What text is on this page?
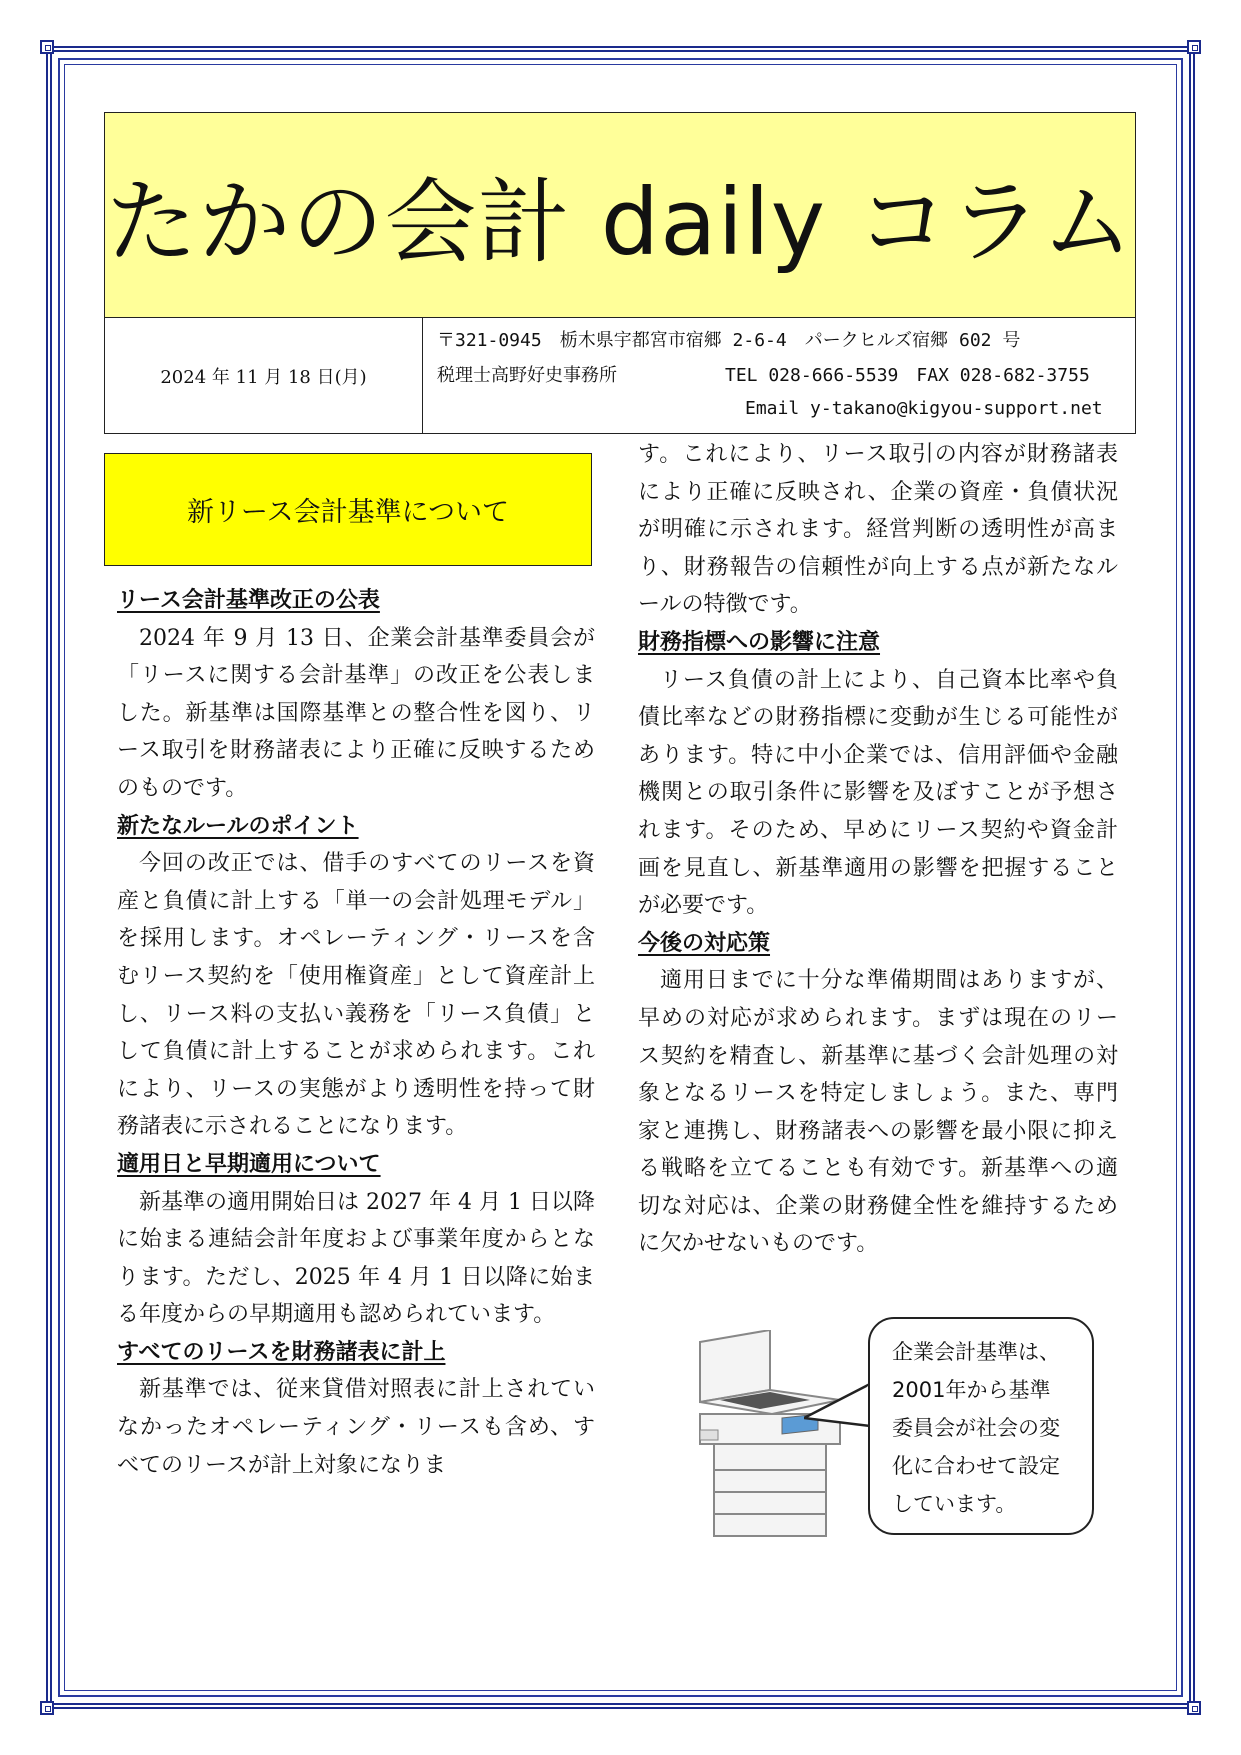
たかの会計 daily コラム
2024 年 11 月 18 日(月)
〒321-0945　栃木県宇都宮市宿郷 2-6-4　パークヒルズ宿郷 602 号
税理士高野好史事務所	TEL 028-666-5539　FAX 028-682-3755
Email y-takano@kigyou-support.net
新リース会計基準について
リース会計基準改正の公表

2024 年 9 月 13 日、企業会計基準委員会が「リースに関する会計基準」の改正を公表しました。新基準は国際基準との整合性を図り、リース取引を財務諸表により正確に反映するためのものです。

新たなルールのポイント

今回の改正では、借手のすべてのリースを資産と負債に計上する「単一の会計処理モデル」を採用します。オペレーティング・リースを含むリース契約を「使用権資産」として資産計上し、リース料の支払い義務を「リース負債」として負債に計上することが求められます。これにより、リースの実態がより透明性を持って財務諸表に示されることになります。

適用日と早期適用について

新基準の適用開始日は 2027 年 4 月 1 日以降に始まる連結会計年度および事業年度からとなります。ただし、2025 年 4 月 1 日以降に始まる年度からの早期適用も認められています。

すべてのリースを財務諸表に計上

新基準では、従来貸借対照表に計上されていなかったオペレーティング・リースも含め、すべてのリースが計上対象になりま

す。これにより、リース取引の内容が財務諸表により正確に反映され、企業の資産・負債状況が明確に示されます。経営判断の透明性が高まり、財務報告の信頼性が向上する点が新たなルールの特徴です。

財務指標への影響に注意

リース負債の計上により、自己資本比率や負債比率などの財務指標に変動が生じる可能性があります。特に中小企業では、信用評価や金融機関との取引条件に影響を及ぼすことが予想されます。そのため、早めにリース契約や資金計画を見直し、新基準適用の影響を把握することが必要です。

今後の対応策

適用日までに十分な準備期間はありますが、早めの対応が求められます。まずは現在のリース契約を精査し、新基準に基づく会計処理の対象となるリースを特定しましょう。また、専門家と連携し、財務諸表への影響を最小限に抑える戦略を立てることも有効です。新基準への適切な対応は、企業の財務健全性を維持するために欠かせないものです。

企業会計基準は、
2001年から基準
委員会が社会の変
化に合わせて設定
しています。
